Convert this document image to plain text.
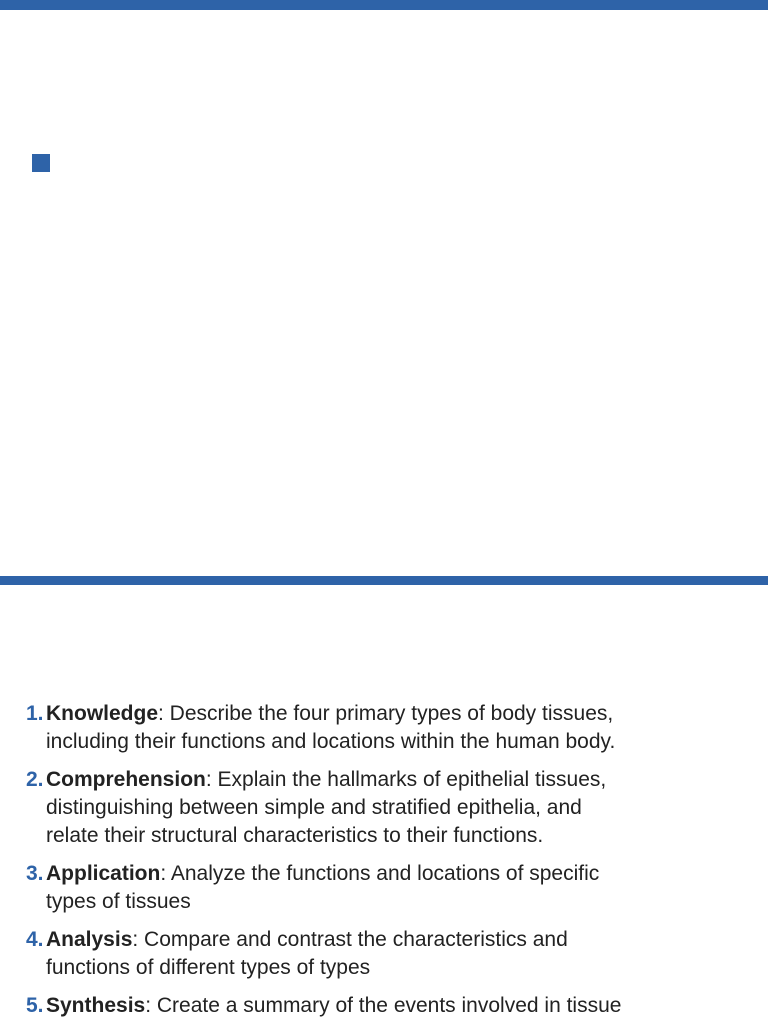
1. Knowledge: Describe the four primary types of body tissues,
including their functions and locations within the human body.
2. Comprehension: Explain the hallmarks of epithelial tissues,
distinguishing between simple and stratified epithelia, and
relate their structural characteristics to their functions.
3. Application: Analyze the functions and locations of specific
types of tissues
4. Analysis: Compare and contrast the characteristics and
functions of different types of types
5. Synthesis: Create a summary of the events involved in tissue
